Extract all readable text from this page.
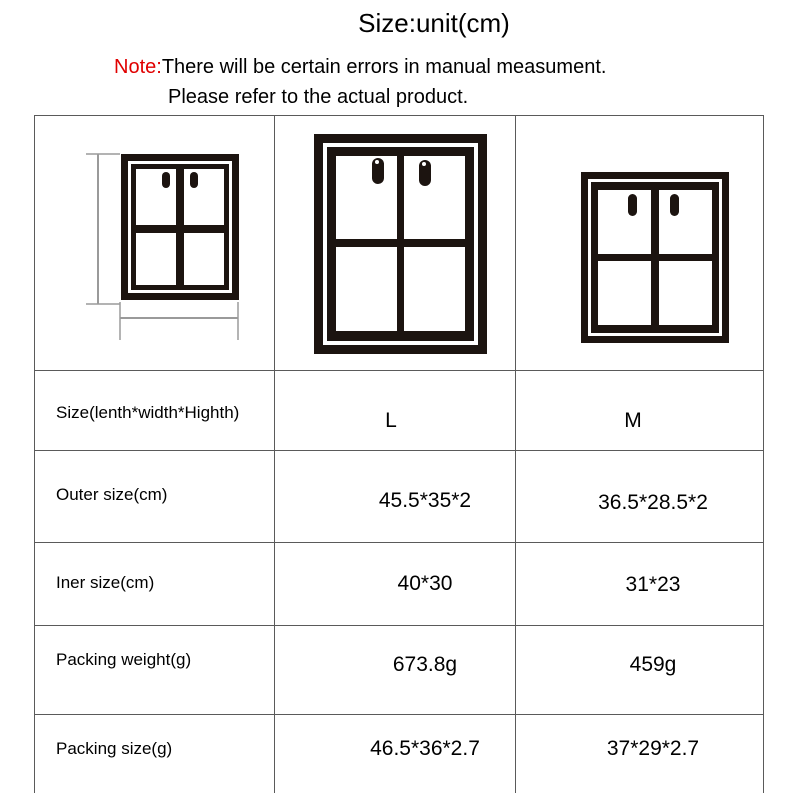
Size:unit(cm)
Note:There will be certain errors in manual measument.
Please refer to the actual product.
Size(lenth*width*Highth)	L	M
Outer size(cm)	45.5*35*2	36.5*28.5*2
Iner size(cm)	40*30	31*23
Packing weight(g)	673.8g	459g
Packing size(g)	46.5*36*2.7	37*29*2.7
